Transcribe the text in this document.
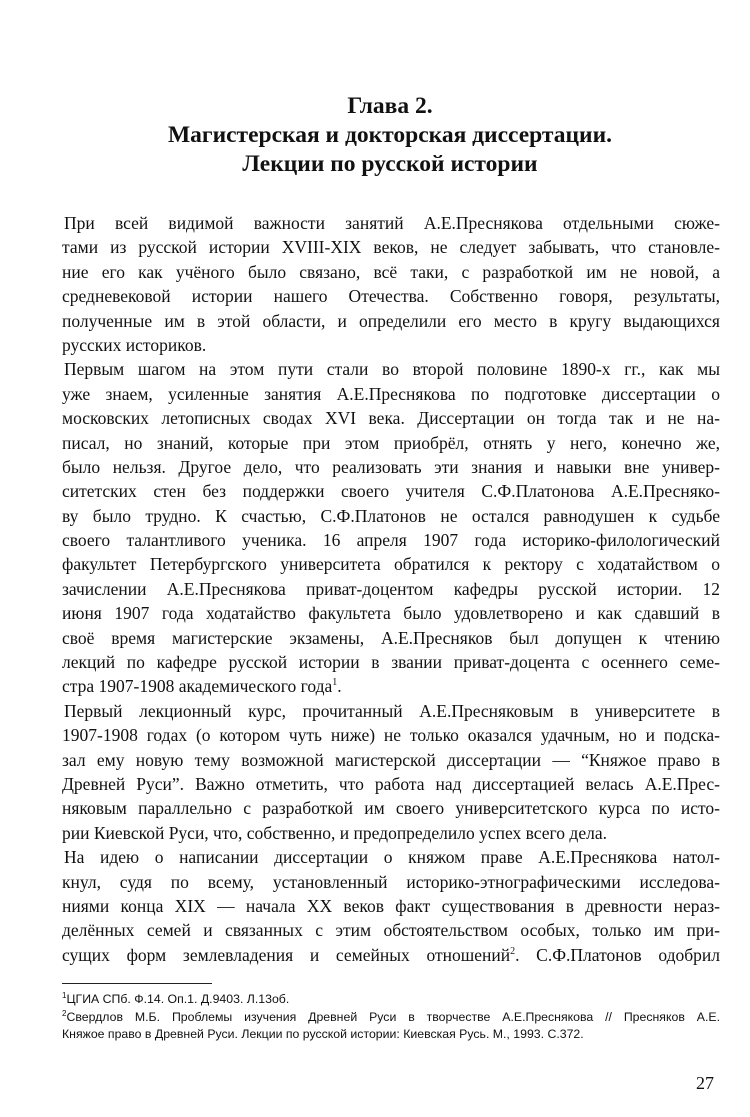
Глава 2.
Магистерская и докторская диссертации.
Лекции по русской истории
При всей видимой важности занятий А.Е.Преснякова отдельными сюже-
тами из русской истории XVIII-XIX веков, не следует забывать, что становле-
ние его как учёного было связано, всё таки, с разработкой им не новой, а
средневековой истории нашего Отечества. Собственно говоря, результаты,
полученные им в этой области, и определили его место в кругу выдающихся
русских историков.
Первым шагом на этом пути стали во второй половине 1890-х гг., как мы
уже знаем, усиленные занятия А.Е.Преснякова по подготовке диссертации о
московских летописных сводах XVI века. Диссертации он тогда так и не на-
писал, но знаний, которые при этом приобрёл, отнять у него, конечно же,
было нельзя. Другое дело, что реализовать эти знания и навыки вне универ-
ситетских стен без поддержки своего учителя С.Ф.Платонова А.Е.Пресняко-
ву было трудно. К счастью, С.Ф.Платонов не остался равнодушен к судьбе
своего талантливого ученика. 16 апреля 1907 года историко-филологический
факультет Петербургского университета обратился к ректору с ходатайством о
зачислении А.Е.Преснякова приват-доцентом кафедры русской истории. 12
июня 1907 года ходатайство факультета было удовлетворено и как сдавший в
своё время магистерские экзамены, А.Е.Пресняков был допущен к чтению
лекций по кафедре русской истории в звании приват-доцента с осеннего семе-
стра 1907-1908 академического года$^1$.
Первый лекционный курс, прочитанный А.Е.Пресняковым в университете в
1907-1908 годах (о котором чуть ниже) не только оказался удачным, но и подска-
зал ему новую тему возможной магистерской диссертации — “Княжое право в
Древней Руси”. Важно отметить, что работа над диссертацией велась А.Е.Прес-
няковым параллельно с разработкой им своего университетского курса по исто-
рии Киевской Руси, что, собственно, и предопределило успех всего дела.
На идею о написании диссертации о княжом праве А.Е.Преснякова натол-
кнул, судя по всему, установленный историко-этнографическими исследова-
ниями конца XIX — начала XX веков факт существования в древности нераз-
делённых семей и связанных с этим обстоятельством особых, только им при-
сущих форм землевладения и семейных отношений$^2$. С.Ф.Платонов одобрил
$^1$ЦГИА СПб. Ф.14. Оп.1. Д.9403. Л.13об.
$^2$Свердлов М.Б. Проблемы изучения Древней Руси в творчестве А.Е.Преснякова // Пресняков А.Е.
Княжое право в Древней Руси. Лекции по русской истории: Киевская Русь. М., 1993. С.372.
27
